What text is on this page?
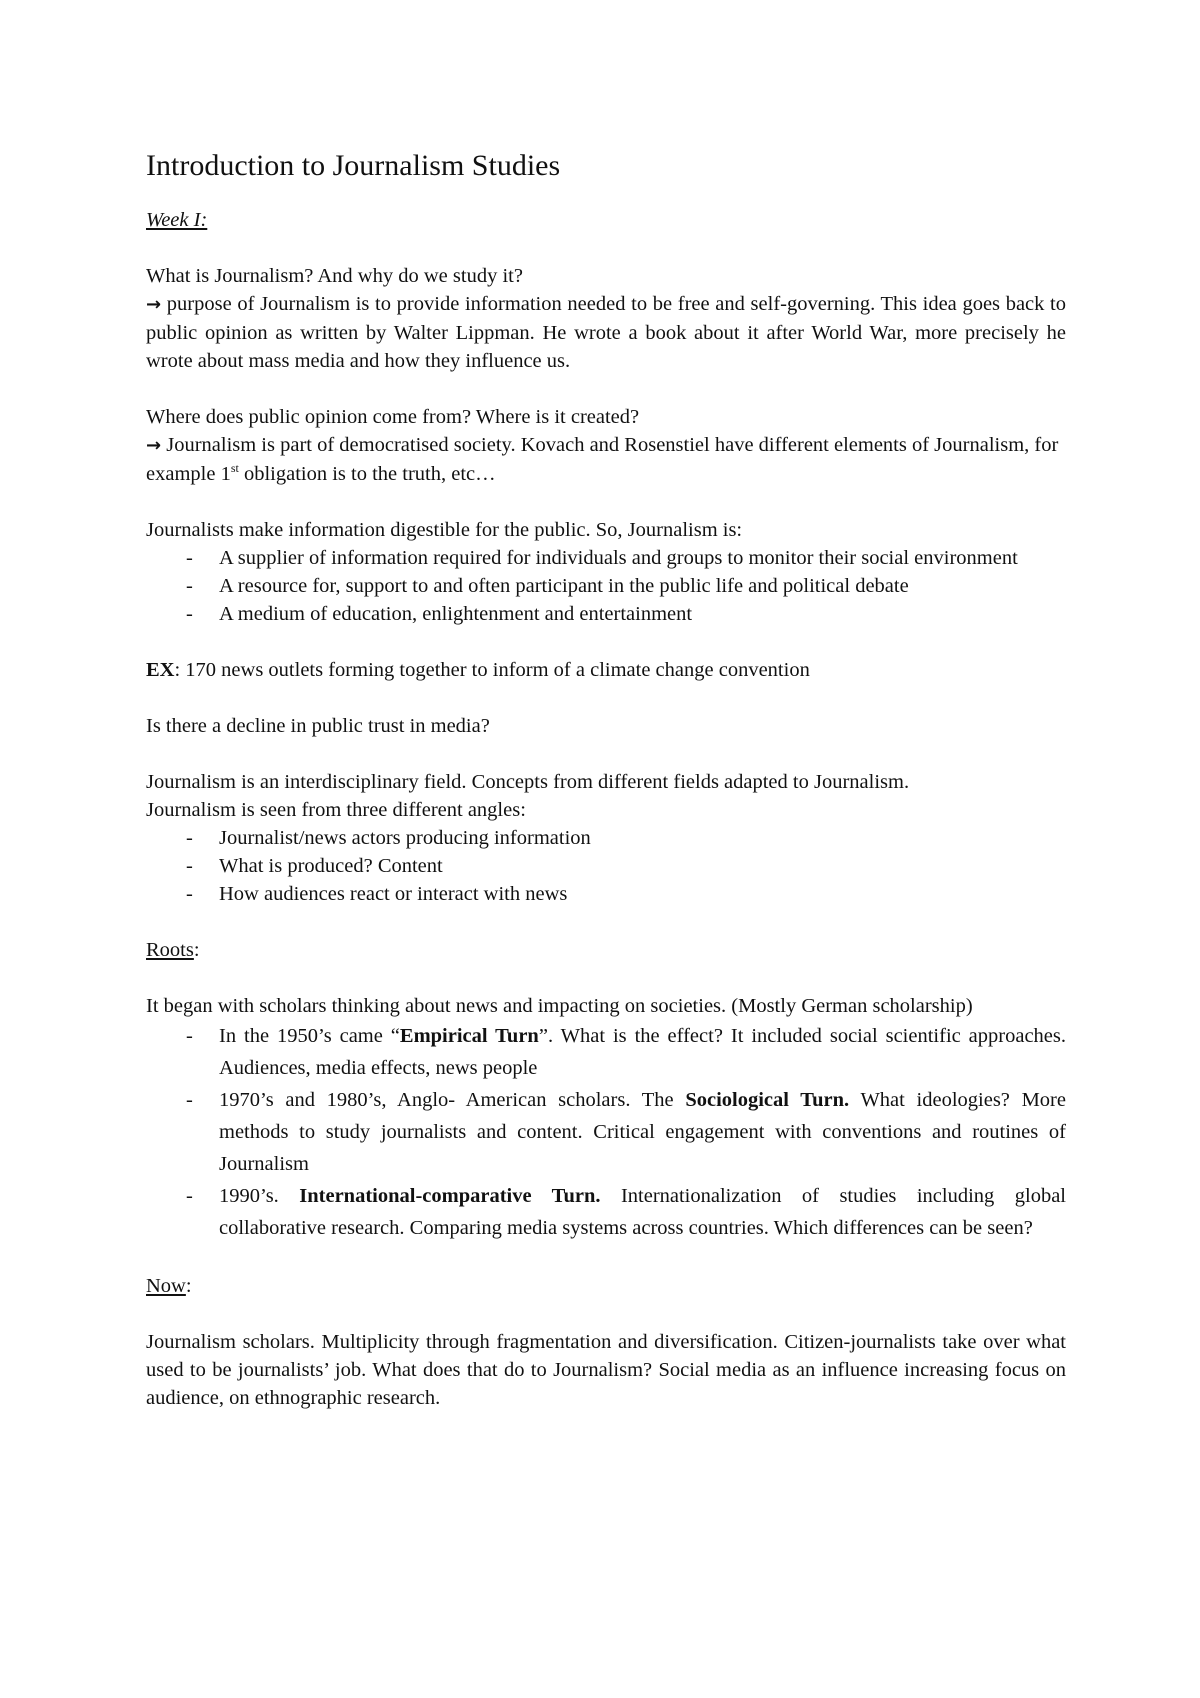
Introduction to Journalism Studies

Week I:

What is Journalism? And why do we study it?

→ purpose of Journalism is to provide information needed to be free and self-governing. This idea goes back to public opinion as written by Walter Lippman. He wrote a book about it after World War, more precisely he wrote about mass media and how they influence us.

Where does public opinion come from? Where is it created?

→ Journalism is part of democratised society. Kovach and Rosenstiel have different elements of Journalism, for example 1st obligation is to the truth, etc…

Journalists make information digestible for the public. So, Journalism is:

- A supplier of information required for individuals and groups to monitor their social environment
- A resource for, support to and often participant in the public life and political debate
- A medium of education, enlightenment and entertainment

EX: 170 news outlets forming together to inform of a climate change convention

Is there a decline in public trust in media?

Journalism is an interdisciplinary field. Concepts from different fields adapted to Journalism.

Journalism is seen from three different angles:

- Journalist/news actors producing information
- What is produced? Content
- How audiences react or interact with news

Roots:

It began with scholars thinking about news and impacting on societies. (Mostly German scholarship)

- In the 1950’s came “Empirical Turn”. What is the effect? It included social scientific approaches. Audiences, media effects, news people
- 1970’s and 1980’s, Anglo- American scholars. The Sociological Turn. What ideologies? More methods to study journalists and content. Critical engagement with conventions and routines of Journalism
- 1990’s. International-comparative Turn. Internationalization of studies including global collaborative research. Comparing media systems across countries. Which differences can be seen?

Now:

Journalism scholars. Multiplicity through fragmentation and diversification. Citizen-journalists take over what used to be journalists’ job. What does that do to Journalism? Social media as an influence increasing focus on audience, on ethnographic research.
